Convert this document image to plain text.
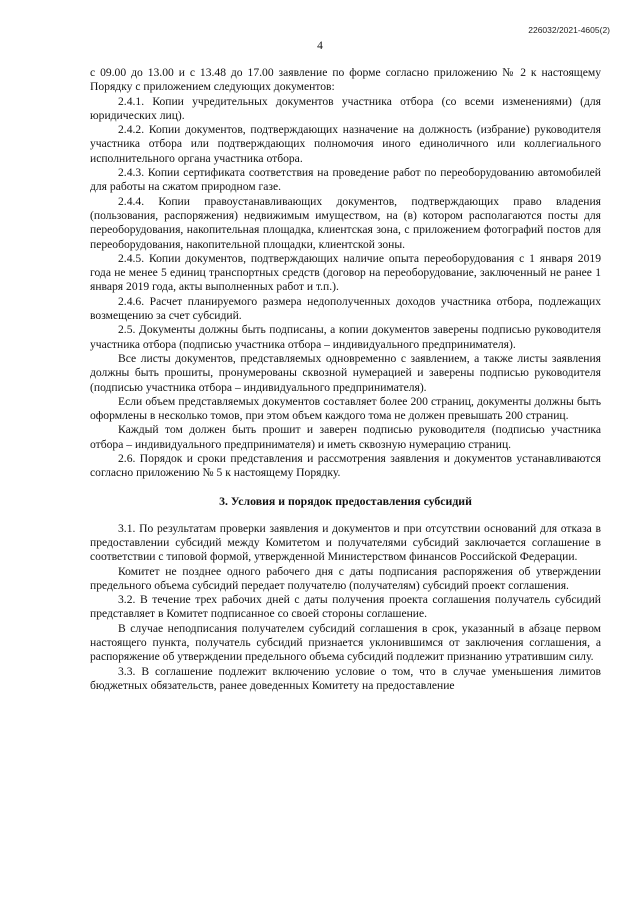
226032/2021-4605(2)
4

с 09.00 до 13.00 и с 13.48 до 17.00 заявление по форме согласно приложению № 2 к настоящему Порядку с приложением следующих документов:

2.4.1. Копии учредительных документов участника отбора (со всеми изменениями) (для юридических лиц).

2.4.2. Копии документов, подтверждающих назначение на должность (избрание) руководителя участника отбора или подтверждающих полномочия иного единоличного или коллегиального исполнительного органа участника отбора.

2.4.3. Копии сертификата соответствия на проведение работ по переоборудованию автомобилей для работы на сжатом природном газе.

2.4.4. Копии правоустанавливающих документов, подтверждающих право владения (пользования, распоряжения) недвижимым имуществом, на (в) котором располагаются посты для переоборудования, накопительная площадка, клиентская зона, с приложением фотографий постов для переоборудования, накопительной площадки, клиентской зоны.

2.4.5. Копии документов, подтверждающих наличие опыта переоборудования с 1 января 2019 года не менее 5 единиц транспортных средств (договор на переоборудование, заключенный не ранее 1 января 2019 года, акты выполненных работ и т.п.).

2.4.6. Расчет планируемого размера недополученных доходов участника отбора, подлежащих возмещению за счет субсидий.

2.5. Документы должны быть подписаны, а копии документов заверены подписью руководителя участника отбора (подписью участника отбора – индивидуального предпринимателя).

Все листы документов, представляемых одновременно с заявлением, а также листы заявления должны быть прошиты, пронумерованы сквозной нумерацией и заверены подписью руководителя (подписью участника отбора – индивидуального предпринимателя).

Если объем представляемых документов составляет более 200 страниц, документы должны быть оформлены в несколько томов, при этом объем каждого тома не должен превышать 200 страниц.

Каждый том должен быть прошит и заверен подписью руководителя (подписью участника отбора – индивидуального предпринимателя) и иметь сквозную нумерацию страниц.

2.6. Порядок и сроки представления и рассмотрения заявления и документов устанавливаются согласно приложению № 5 к настоящему Порядку.

3. Условия и порядок предоставления субсидий

3.1. По результатам проверки заявления и документов и при отсутствии оснований для отказа в предоставлении субсидий между Комитетом и получателями субсидий заключается соглашение в соответствии с типовой формой, утвержденной Министерством финансов Российской Федерации.

Комитет не позднее одного рабочего дня с даты подписания распоряжения об утверждении предельного объема субсидий передает получателю (получателям) субсидий проект соглашения.

3.2. В течение трех рабочих дней с даты получения проекта соглашения получатель субсидий представляет в Комитет подписанное со своей стороны соглашение.

В случае неподписания получателем субсидий соглашения в срок, указанный в абзаце первом настоящего пункта, получатель субсидий признается уклонившимся от заключения соглашения, а распоряжение об утверждении предельного объема субсидий подлежит признанию утратившим силу.

3.3. В соглашение подлежит включению условие о том, что в случае уменьшения лимитов бюджетных обязательств, ранее доведенных Комитету на предоставление
